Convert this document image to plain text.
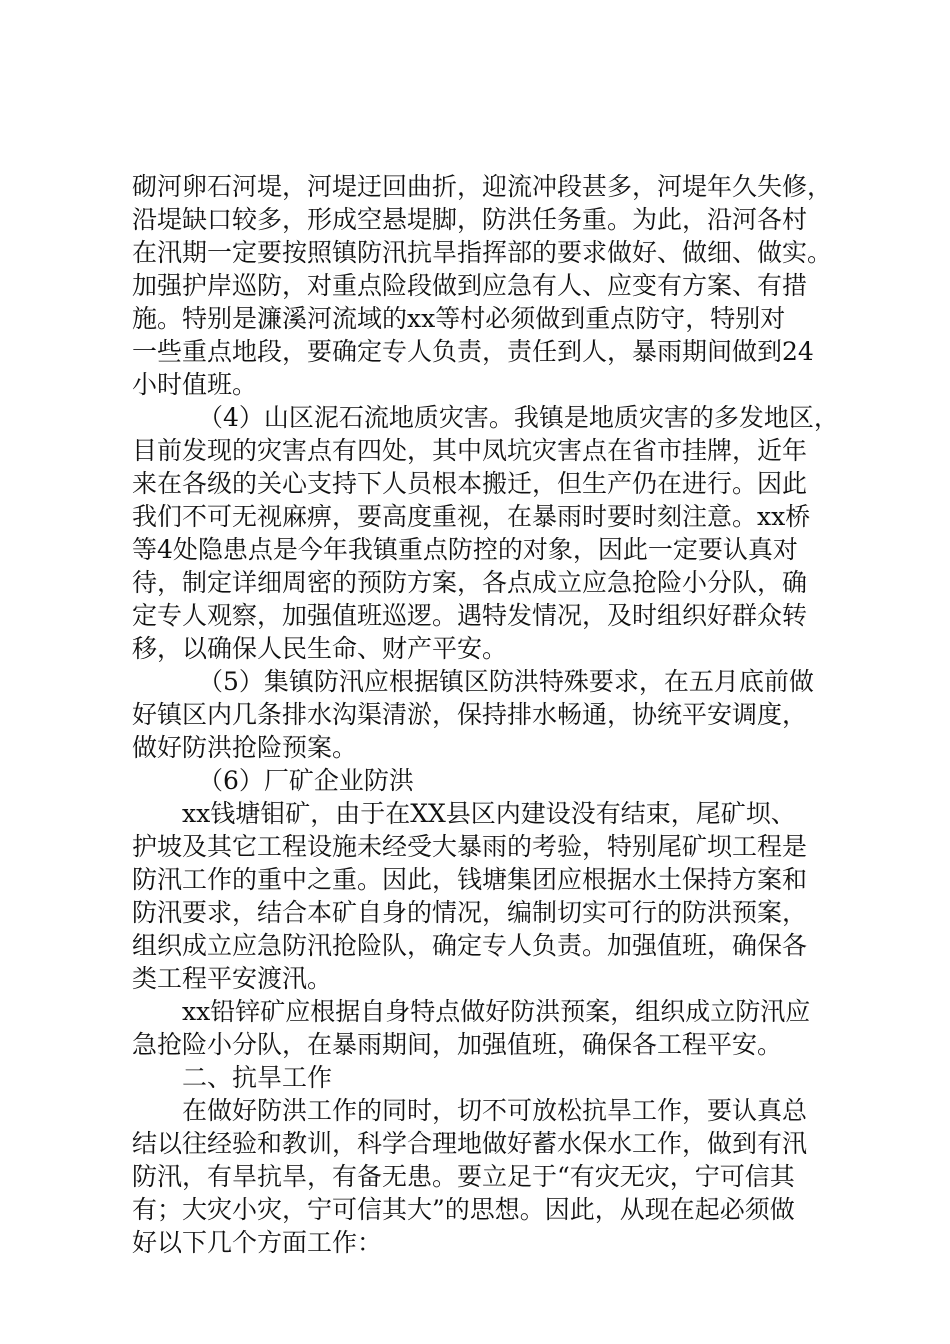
砌河卵石河堤，河堤迂回曲折，迎流冲段甚多，河堤年久失修，
沿堤缺口较多，形成空悬堤脚，防洪任务重。为此，沿河各村
在汛期一定要按照镇防汛抗旱指挥部的要求做好、做细、做实。
加强护岸巡防，对重点险段做到应急有人、应变有方案、有措
施。特别是濂溪河流域的xx等村必须做到重点防守，特别对
一些重点地段，要确定专人负责，责任到人，暴雨期间做到24
小时值班。
（4）山区泥石流地质灾害。我镇是地质灾害的多发地区，
目前发现的灾害点有四处，其中凤坑灾害点在省市挂牌，近年
来在各级的关心支持下人员根本搬迁，但生产仍在进行。因此
我们不可无视麻痹，要高度重视，在暴雨时要时刻注意。xx桥
等4处隐患点是今年我镇重点防控的对象，因此一定要认真对
待，制定详细周密的预防方案，各点成立应急抢险小分队，确
定专人观察，加强值班巡逻。遇特发情况，及时组织好群众转
移，以确保人民生命、财产平安。
（5）集镇防汛应根据镇区防洪特殊要求，在五月底前做
好镇区内几条排水沟渠清淤，保持排水畅通，协统平安调度，
做好防洪抢险预案。
（6）厂矿企业防洪
xx钱塘钼矿，由于在XX县区内建设没有结束，尾矿坝、
护坡及其它工程设施未经受大暴雨的考验，特别尾矿坝工程是
防汛工作的重中之重。因此，钱塘集团应根据水土保持方案和
防汛要求，结合本矿自身的情况，编制切实可行的防洪预案，
组织成立应急防汛抢险队，确定专人负责。加强值班，确保各
类工程平安渡汛。
xx铅锌矿应根据自身特点做好防洪预案，组织成立防汛应
急抢险小分队，在暴雨期间，加强值班，确保各工程平安。
二、抗旱工作
在做好防洪工作的同时，切不可放松抗旱工作，要认真总
结以往经验和教训，科学合理地做好蓄水保水工作，做到有汛
防汛，有旱抗旱，有备无患。要立足于“有灾无灾，宁可信其
有；大灾小灾，宁可信其大”的思想。因此，从现在起必须做
好以下几个方面工作：
